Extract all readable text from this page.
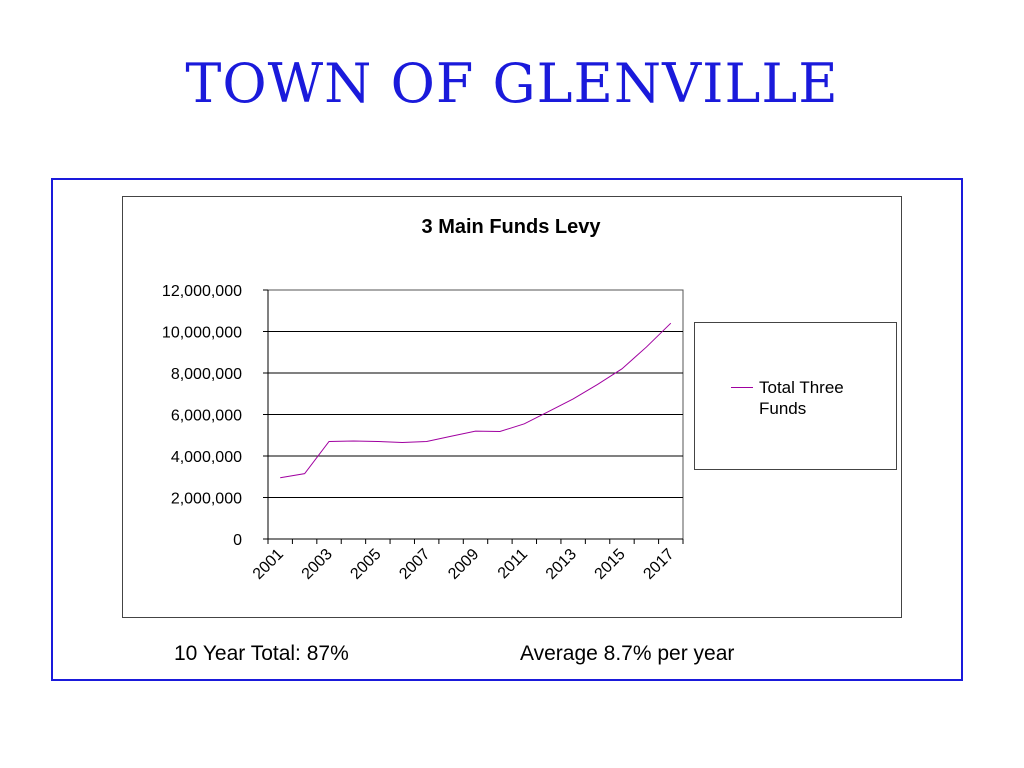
TOWN OF GLENVILLE
3 Main Funds Levy
0
2,000,000
4,000,000
6,000,000
8,000,000
10,000,000
12,000,000
2001 2003 2005 2007 2009 2011 2013 2015 2017
Total Three Funds
10 Year Total: 87%	Average 8.7% per year
